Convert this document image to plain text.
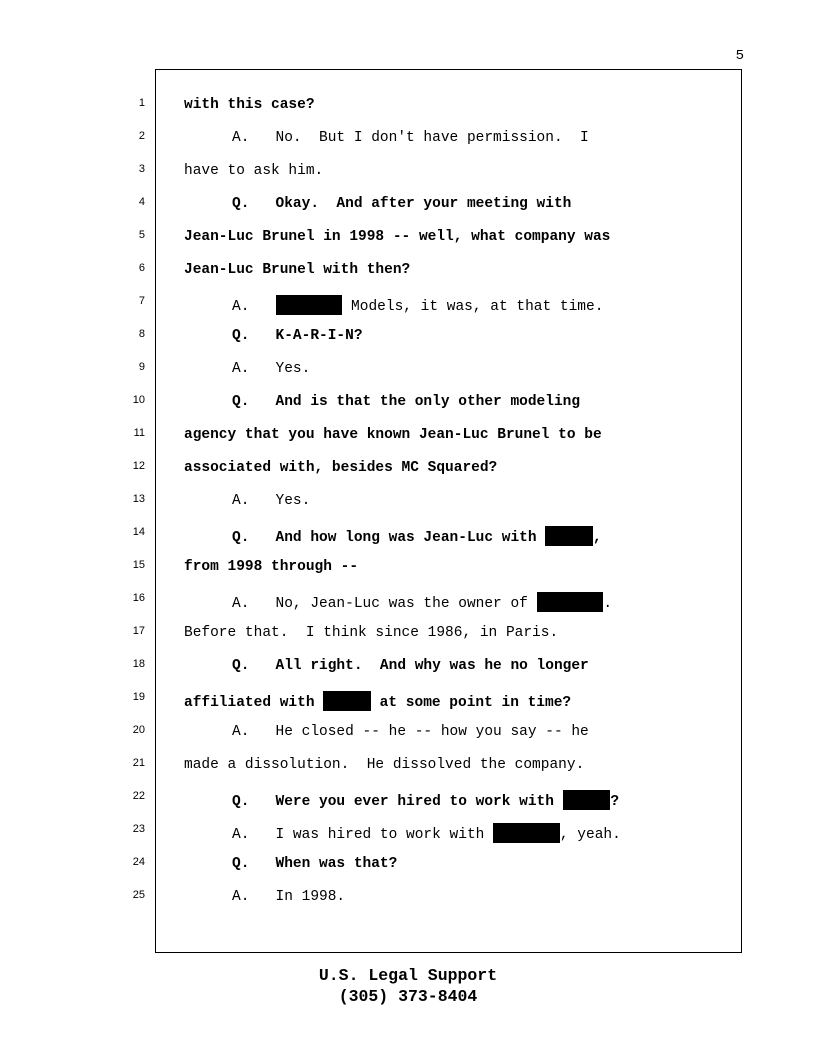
5
1	with this case?
2	A.   No.  But I don't have permission.  I
3	have to ask him.
4	Q.   Okay.  And after your meeting with
5	Jean-Luc Brunel in 1998 -- well, what company was
6	Jean-Luc Brunel with then?
7	A.	Models, it was, at that time.
8	Q.   K-A-R-I-N?
9	A.   Yes.
10	Q.   And is that the only other modeling
11	agency that you have known Jean-Luc Brunel to be
12	associated with, besides MC Squared?
13	A.   Yes.
14	Q.   And how long was Jean-Luc with	,
15	from 1998 through --
16	A.   No, Jean-Luc was the owner of	.
17	Before that.  I think since 1986, in Paris.
18	Q.   All right.  And why was he no longer
19	affiliated with	at some point in time?
20	A.   He closed -- he -- how you say -- he
21	made a dissolution.  He dissolved the company.
22	Q.   Were you ever hired to work with	?
23	A.   I was hired to work with	, yeah.
24	Q.   When was that?
25	A.   In 1998.
U.S. Legal Support
(305) 373-8404
